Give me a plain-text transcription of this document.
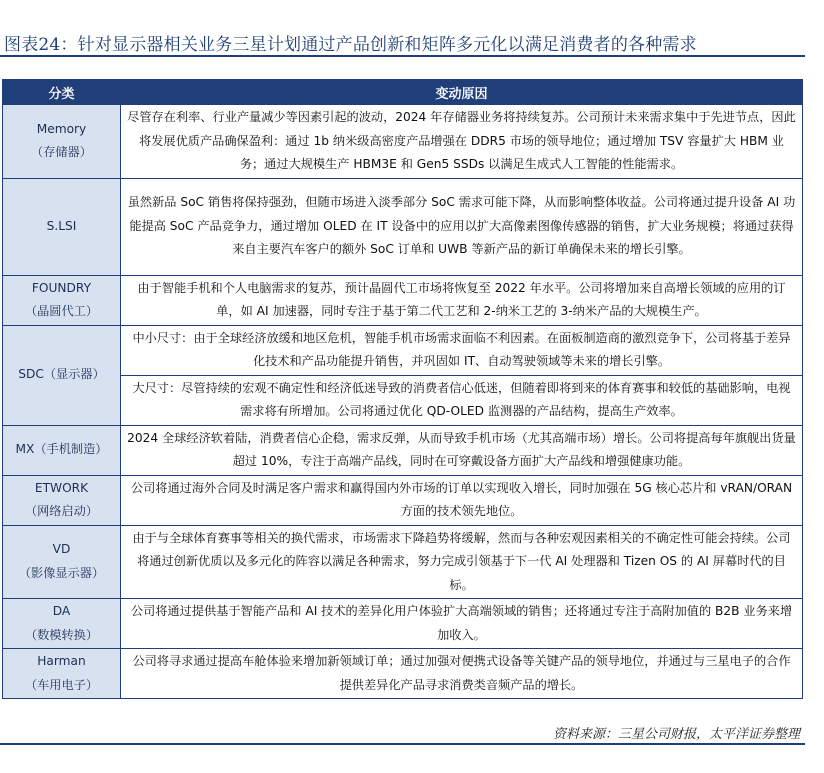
图表24：针对显示器相关业务三星计划通过产品创新和矩阵多元化以满足消费者的各种需求
分类	变动原因

Memory
（存储器）	尽管存在利率、行业产量减少等因素引起的波动，2024 年存储器业务将持续复苏。公司预计未来需求集中于先进节点，因此将发展优质产品确保盈利：通过 1b 纳米级高密度产品增强在 DDR5 市场的领导地位；通过增加 TSV 容量扩大 HBM 业务；通过大规模生产 HBM3E 和 Gen5 SSDs 以满足生成式人工智能的性能需求。

S.LSI	虽然新品 SoC 销售将保持强劲，但随市场进入淡季部分 SoC 需求可能下降，从而影响整体收益。公司将通过提升设备 AI 功能提高 SoC 产品竞争力，通过增加 OLED 在 IT 设备中的应用以扩大高像素图像传感器的销售，扩大业务规模；将通过获得来自主要汽车客户的额外 SoC 订单和 UWB 等新产品的新订单确保未来的增长引擎。

FOUNDRY
（晶圆代工）	由于智能手机和个人电脑需求的复苏，预计晶圆代工市场将恢复至 2022 年水平。公司将增加来自高增长领域的应用的订单，如 AI 加速器，同时专注于基于第二代工艺和 2-纳米工艺的 3-纳米产品的大规模生产。

SDC（显示器）	中小尺寸：由于全球经济放缓和地区危机，智能手机市场需求面临不利因素。在面板制造商的激烈竞争下，公司将基于差异化技术和产品功能提升销售，并巩固如 IT、自动驾驶领域等未来的增长引擎。
	大尺寸：尽管持续的宏观不确定性和经济低迷导致的消费者信心低迷，但随着即将到来的体育赛事和较低的基础影响，电视需求将有所增加。公司将通过优化 QD-OLED 监测器的产品结构，提高生产效率。

MX（手机制造）	2024 全球经济软着陆，消费者信心企稳，需求反弹，从而导致手机市场（尤其高端市场）增长。公司将提高每年旗舰出货量超过 10%，专注于高端产品线，同时在可穿戴设备方面扩大产品线和增强健康功能。

ETWORK
（网络启动）	公司将通过海外合同及时满足客户需求和赢得国内外市场的订单以实现收入增长，同时加强在 5G 核心芯片和 vRAN/ORAN 方面的技术领先地位。

VD
（影像显示器）	由于与全球体育赛事等相关的换代需求，市场需求下降趋势将缓解，然而与各种宏观因素相关的不确定性可能会持续。公司将通过创新优质以及多元化的阵容以满足各种需求，努力完成引领基于下一代 AI 处理器和 Tizen OS 的 AI 屏幕时代的目标。

DA
（数模转换）	公司将通过提供基于智能产品和 AI 技术的差异化用户体验扩大高端领域的销售；还将通过专注于高附加值的 B2B 业务来增加收入。

Harman
（车用电子）	公司将寻求通过提高车舱体验来增加新领域订单；通过加强对便携式设备等关键产品的领导地位，并通过与三星电子的合作提供差异化产品寻求消费类音频产品的增长。
资料来源：三星公司财报，太平洋证券整理
